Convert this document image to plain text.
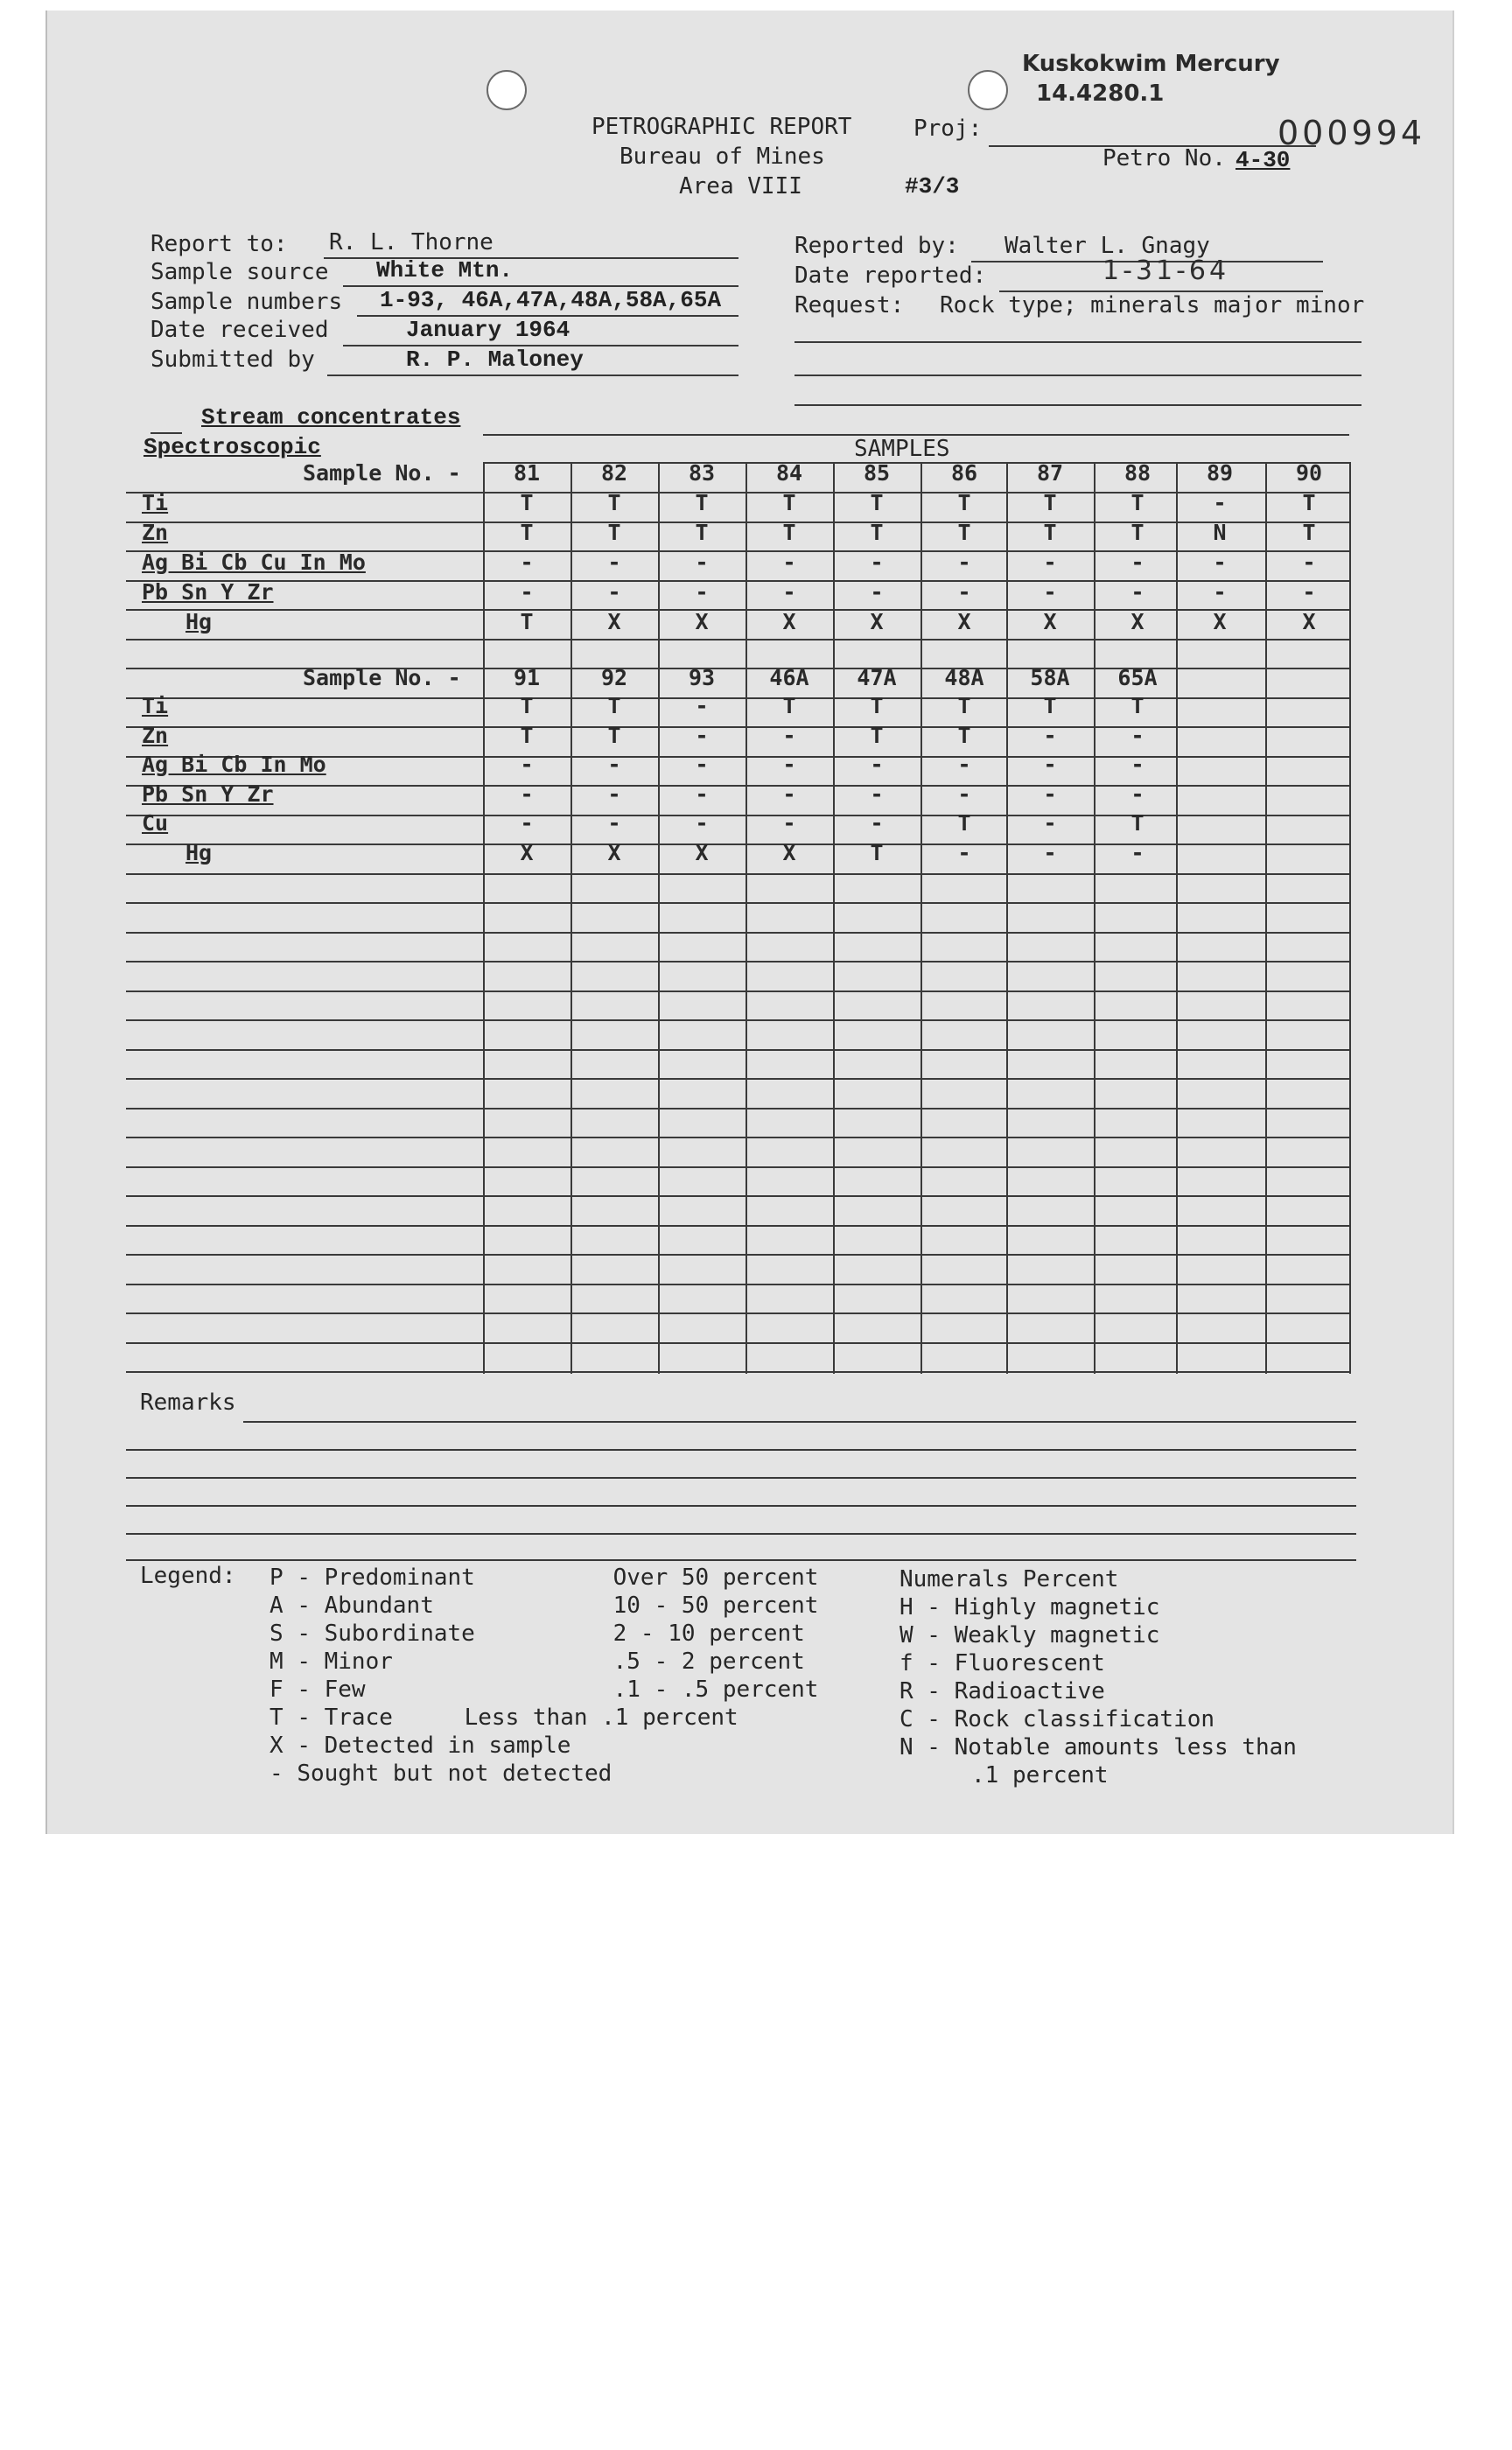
Kuskokwim Mercury
14.4280.1
000994
PETROGRAPHIC REPORT
Bureau of Mines
Area VIII	#3/3
Proj:
Petro No. 4-30
Report to: R. L. Thorne
Sample source White Mtn.
Sample numbers 1-93, 46A,47A,48A,58A,65A
Date received	January 1964
Submitted by	R. P. Maloney
Reported by: Walter L. Gnagy
Date reported:	1-31-64
Request: Rock type; minerals major minor
Stream concentrates
Spectroscopic	SAMPLES
Sample No. -	81	82	83	84	85	86	87	88	89	90
Ti	T	T	T	T	T	T	T	T	-	T
Zn	T	T	T	T	T	T	T	T	N	T
Ag Bi Cb Cu In Mo	-	-	-	-	-	-	-	-	-	-
Pb Sn Y Zr	-	-	-	-	-	-	-	-	-	-
Hg	T	X	X	X	X	X	X	X	X	X
Sample No. -	91	92	93	46A	47A	48A	58A	65A
Ti	T	T	-	T	T	T	T	T
Zn	T	T	-	-	T	T	-	-
Ag Bi Cb In Mo	-	-	-	-	-	-	-	-
Pb Sn Y Zr	-	-	-	-	-	-	-	-
Cu	-	-	-	-	-	T	-	T
Hg	X	X	X	X	T	-	-	-
Remarks
Legend: P - Predominant	Over 50 percent
A - Abundant	10 - 50 percent
S - Subordinate	2 - 10 percent
M - Minor	.5 - 2 percent
F - Few	.1 - .5 percent
T - Trace	Less than .1 percent
X - Detected in sample
- Sought but not detected
Numerals Percent
H - Highly magnetic
W - Weakly magnetic
f - Fluorescent
R - Radioactive
C - Rock classification
N - Notable amounts less than
.1 percent
